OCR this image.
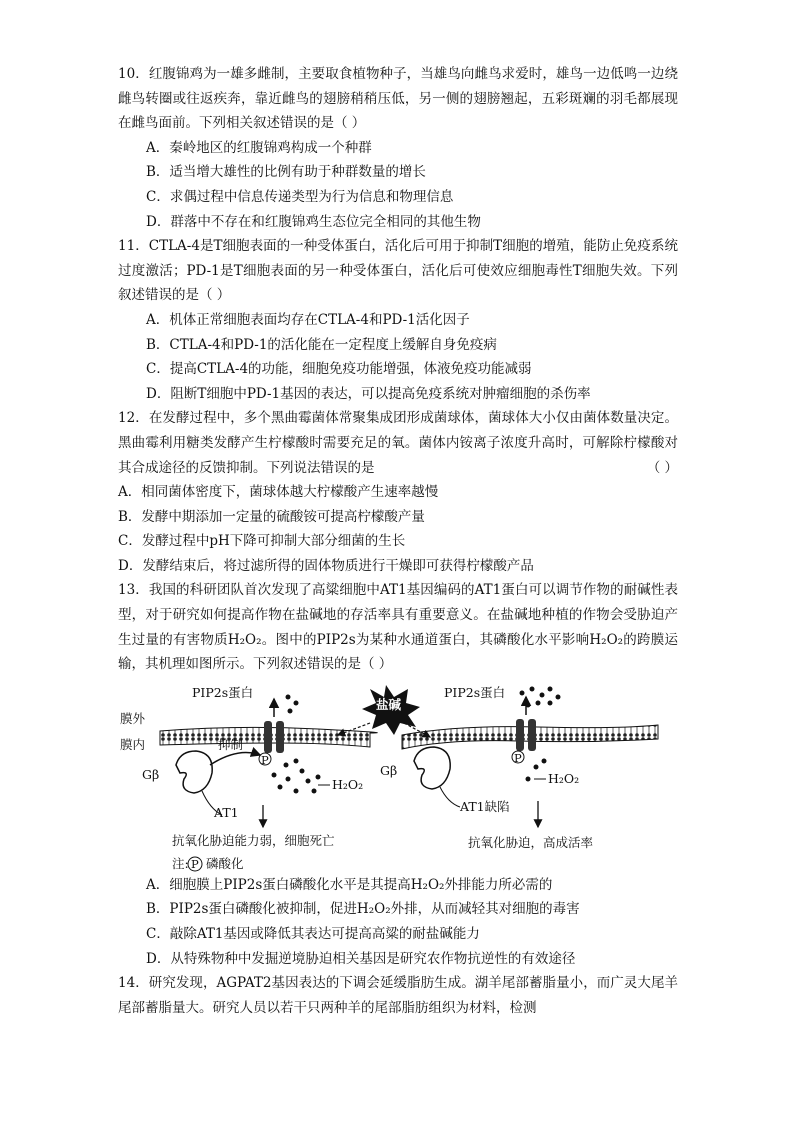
10．红腹锦鸡为一雄多雌制，主要取食植物种子，当雄鸟向雌鸟求爱时，雄鸟一边低鸣一边绕雌鸟转圈或往返疾奔，靠近雌鸟的翅膀稍稍压低，另一侧的翅膀翘起，五彩斑斓的羽毛都展现在雌鸟面前。下列相关叙述错误的是（ ）

A．秦岭地区的红腹锦鸡构成一个种群

B．适当增大雄性的比例有助于种群数量的增长

C．求偶过程中信息传递类型为行为信息和物理信息

D．群落中不存在和红腹锦鸡生态位完全相同的其他生物

11．CTLA-4是T细胞表面的一种受体蛋白，活化后可用于抑制T细胞的增殖，能防止免疫系统过度激活；PD-1是T细胞表面的另一种受体蛋白，活化后可使效应细胞毒性T细胞失效。下列叙述错误的是（ ）

A．机体正常细胞表面均存在CTLA-4和PD-1活化因子

B．CTLA-4和PD-1的活化能在一定程度上缓解自身免疫病

C．提高CTLA-4的功能，细胞免疫功能增强，体液免疫功能减弱

D．阻断T细胞中PD-1基因的表达，可以提高免疫系统对肿瘤细胞的杀伤率

12．在发酵过程中，多个黑曲霉菌体常聚集成团形成菌球体，菌球体大小仅由菌体数量决定。黑曲霉利用糖类发酵产生柠檬酸时需要充足的氧。菌体内铵离子浓度升高时，可解除柠檬酸对其合成途径的反馈抑制。下列说法错误的是	（ ）

A．相同菌体密度下，菌球体越大柠檬酸产生速率越慢

B．发酵中期添加一定量的硫酸铵可提高柠檬酸产量

C．发酵过程中pH下降可抑制大部分细菌的生长

D．发酵结束后，将过滤所得的固体物质进行干燥即可获得柠檬酸产品

13．我国的科研团队首次发现了高粱细胞中AT1基因编码的AT1蛋白可以调节作物的耐碱性表型，对于研究如何提高作物在盐碱地的存活率具有重要意义。在盐碱地种植的作物会受胁迫产生过量的有害物质H₂O₂。图中的PIP2s为某种水通道蛋白，其磷酸化水平影响H₂O₂的跨膜运输，其机理如图所示。下列叙述错误的是（ ）

PIP2s蛋白	PIP2s蛋白
盐碱
膜外
膜内	抑制
P	P
Gβ	Gβ
H₂O₂	H₂O₂
AT1	AT1缺陷
抗氧化胁迫能力弱，细胞死亡	抗氧化胁迫，高成活率
注: P 磷酸化

A．细胞膜上PIP2s蛋白磷酸化水平是其提高H₂O₂外排能力所必需的

B．PIP2s蛋白磷酸化被抑制，促进H₂O₂外排，从而减轻其对细胞的毒害

C．敲除AT1基因或降低其表达可提高高粱的耐盐碱能力

D．从特殊物种中发掘逆境胁迫相关基因是研究农作物抗逆性的有效途径

14．研究发现，AGPAT2基因表达的下调会延缓脂肪生成。湖羊尾部蓄脂量小，而广灵大尾羊尾部蓄脂量大。研究人员以若干只两种羊的尾部脂肪组织为材料，检测
